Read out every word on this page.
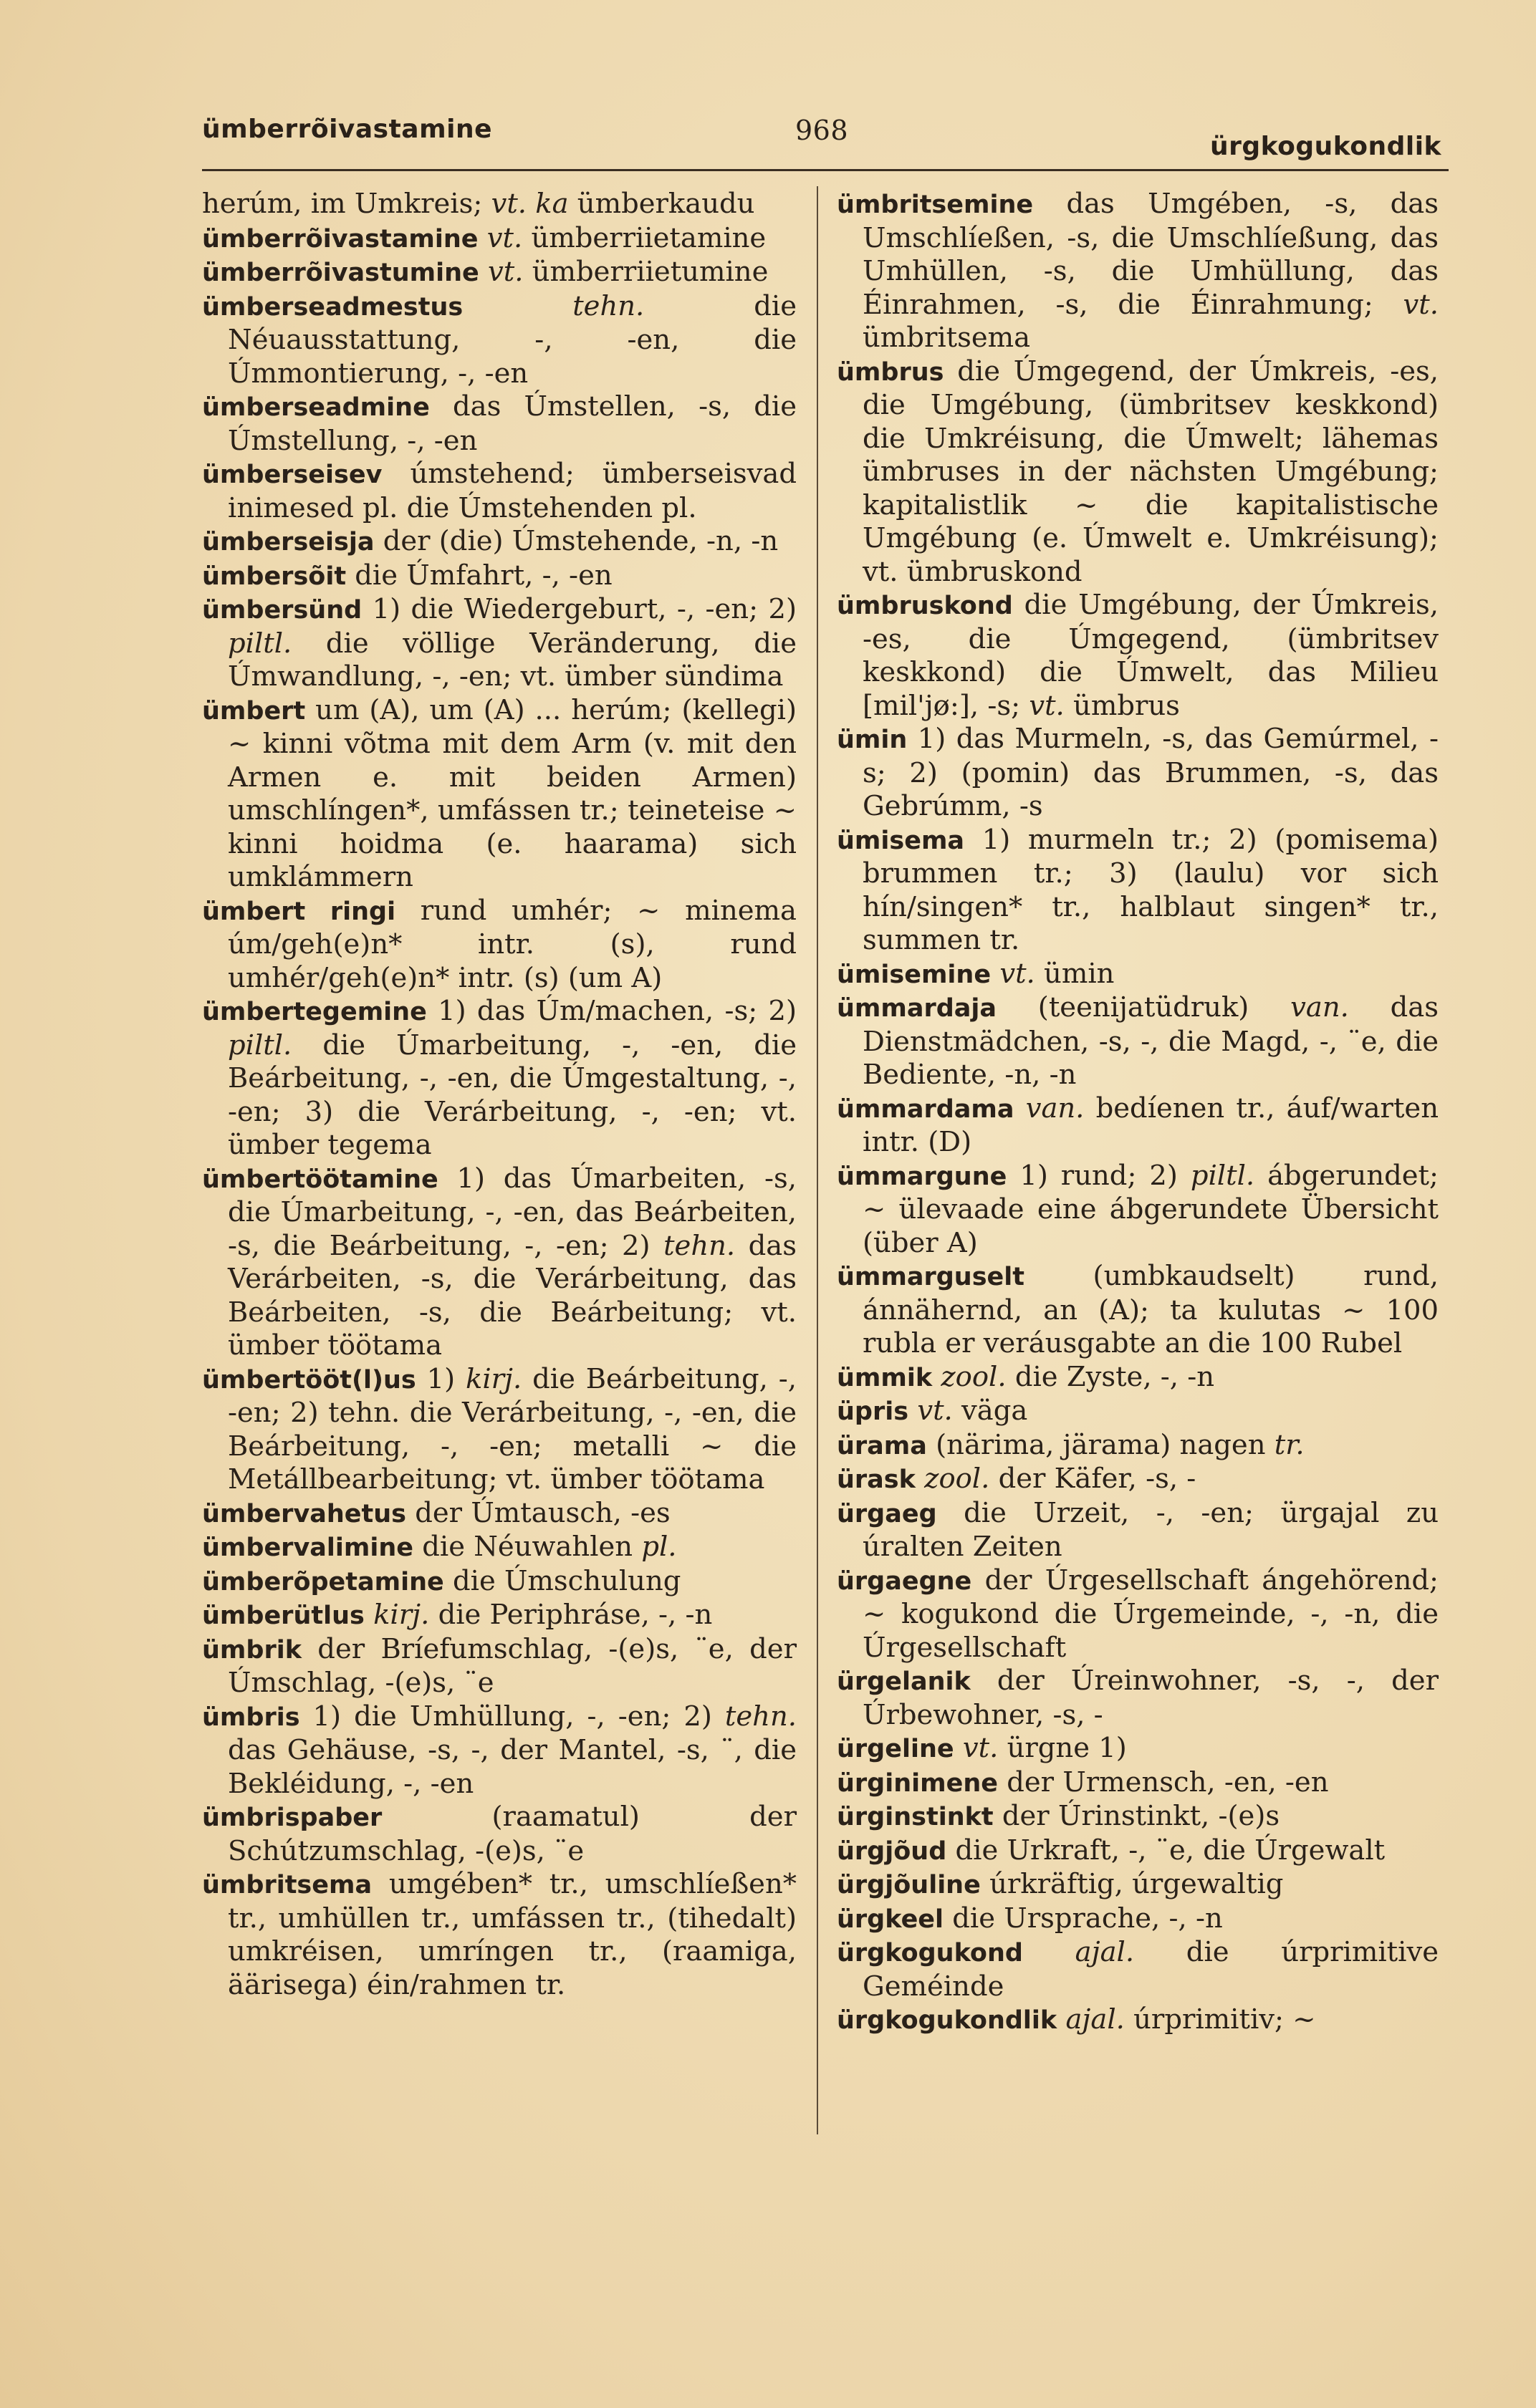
ümberrõivastamine	968
ürgkogukondlik

herúm, im Umkreis; vt. ka ümberkaudu

ümberrõivastamine vt. ümberriietamine

ümberrõivastumine vt. ümberriietumine

ümberseadmestus	tehn. die Néuausstattung, -, -en, die Úmmontierung, -, -en

ümberseadmine das Úmstellen, -s, die Úmstellung, -, -en

ümberseisev úmstehend; ümberseisvad inimesed pl. die Úmstehenden pl.

ümberseisja der (die) Úmstehende, -n, -n

ümbersõit die Úmfahrt, -, -en

ümbersünd 1) die Wiedergeburt, -, -en; 2) piltl. die völlige Veränderung, die Úmwandlung, -, -en; vt. ümber sündima

ümbert um (A), um (A) ... herúm; (kellegi) ~ kinni võtma mit dem Arm (v. mit den Armen e. mit beiden Armen) umschlíngen*, umfássen tr.; teineteise ~ kinni hoidma (e. haarama) sich umklámmern

ümbert ringi rund umhér; ~ minema úm/geh(e)n* intr. (s), rund umhér/geh(e)n* intr. (s) (um A)

ümbertegemine 1) das Úm/machen, -s; 2) piltl. die Úmarbeitung, -, -en, die Beárbeitung, -, -en, die Úmgestaltung, -, -en; 3) die Verárbeitung, -, -en; vt. ümber tegema

ümbertöötamine 1) das Úmarbeiten, -s, die Úmarbeitung, -, -en, das Beárbeiten, -s, die Beárbeitung, -, -en; 2) tehn. das Verárbeiten, -s, die Verárbeitung, das Beárbeiten, -s, die Beárbeitung; vt. ümber töötama

ümbertööt(l)us 1) kirj. die Beárbeitung, -, -en; 2) tehn. die Verárbeitung, -, -en, die Beárbeitung, -, -en; metalli ~ die Metállbearbeitung; vt. ümber töötama

ümbervahetus der Úmtausch, -es

ümbervalimine die Néuwahlen pl.

ümberõpetamine die Úmschulung

ümberütlus kirj. die Periphráse, -, -n

ümbrik der Bríefumschlag, -(e)s, ¨e, der Úmschlag, -(e)s, ¨e

ümbris 1) die Umhüllung, -, -en; 2) tehn. das Gehäuse, -s, -, der Mantel, -s, ¨, die Bekléidung, -, -en

ümbrispaber (raamatul) der Schútzumschlag, -(e)s, ¨e

ümbritsema umgében* tr., umschlíeßen* tr., umhüllen tr., umfássen tr., (tihedalt) umkréisen, umríngen tr., (raamiga, äärisega) éin/rahmen tr.

ümbritsemine das Umgében, -s, das Umschlíeßen, -s, die Umschlíeßung, das Umhüllen, -s, die Umhüllung, das Éinrahmen, -s, die Éinrahmung; vt. ümbritsema

ümbrus die Úmgegend, der Úmkreis, -es, die Umgébung, (ümbritsev keskkond) die Umkréisung, die Úmwelt; lähemas ümbruses in der nächsten Umgébung; kapitalistlik ~ die kapitalistische Umgébung (e. Úmwelt e. Umkréisung); vt. ümbruskond

ümbruskond die Umgébung, der Úmkreis, -es, die Úmgegend, (ümbritsev keskkond) die Úmwelt, das Milieu [mil'jø:], -s; vt. ümbrus

ümin 1) das Murmeln, -s, das Gemúrmel, -s; 2) (pomin) das Brummen, -s, das Gebrúmm, -s

ümisema 1) murmeln tr.; 2) (pomisema) brummen tr.; 3) (laulu) vor sich hín/singen* tr., halblaut singen* tr., summen tr.

ümisemine vt. ümin

ümmardaja (teenijatüdruk) van. das Dienstmädchen, -s, -, die Magd, -, ¨e, die Bediente, -n, -n

ümmardama van. bedíenen tr., áuf/warten intr. (D)

ümmargune 1) rund; 2) piltl. ábgerundet; ~ ülevaade eine ábgerundete Übersicht (über A)

ümmarguselt (umbkaudselt) rund, ánnähernd, an (A); ta kulutas ~ 100 rubla er veráusgabte an die 100 Rubel

ümmik zool. die Zyste, -, -n

üpris vt. väga

ürama (närima, järama) nagen tr.

ürask zool. der Käfer, -s, -

ürgaeg die Urzeit, -, -en; ürgajal zu úralten Zeiten

ürgaegne der Úrgesellschaft ángehörend; ~ kogukond die Úrgemeinde, -, -n, die Úrgesellschaft

ürgelanik der Úreinwohner, -s, -, der Úrbewohner, -s, -

ürgeline vt. ürgne 1)

ürginimene der Urmensch, -en, -en

ürginstinkt der Úrinstinkt, -(e)s

ürgjõud die Urkraft, -, ¨e, die Úrgewalt

ürgjõuline úrkräftig, úrgewaltig

ürgkeel die Ursprache, -, -n

ürgkogukond ajal. die úrprimitive Geméinde

ürgkogukondlik ajal. úrprimitiv; ~
